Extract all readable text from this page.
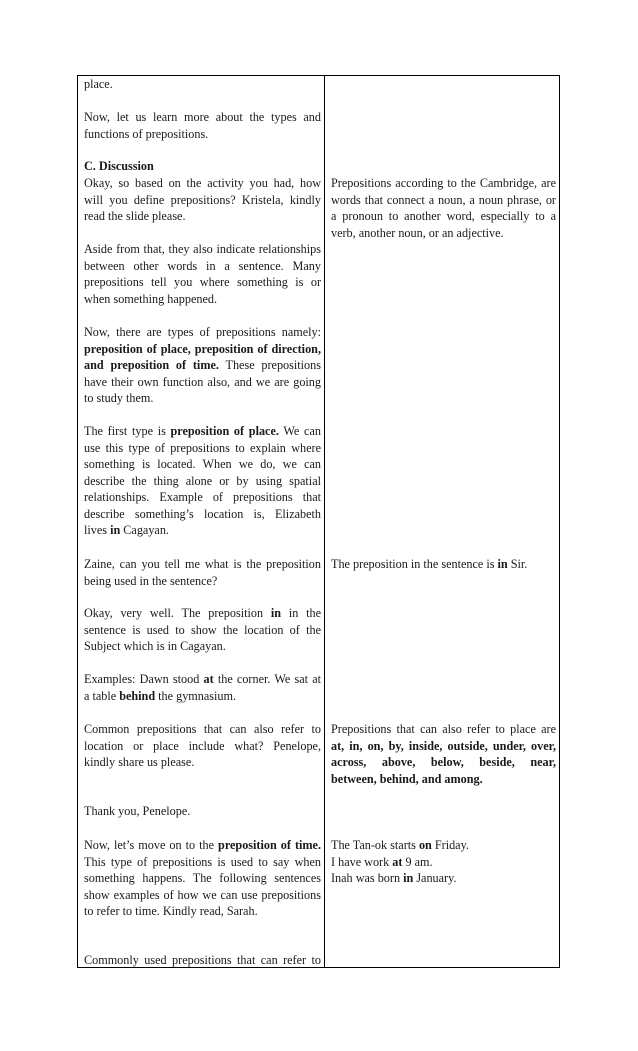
place.

Now, let us learn more about the types and
functions of prepositions.

C. Discussion

Okay, so based on the activity you had, how
will you define prepositions? Kristela, kindly
read the slide please.

Aside from that, they also indicate relationships
between other words in a sentence. Many
prepositions tell you where something is or
when something happened.

Now, there are types of prepositions namely:
preposition of place, preposition of direction,
and preposition of time. These prepositions
have their own function also, and we are going
to study them.

The first type is preposition of place. We can
use this type of prepositions to explain where
something is located. When we do, we can
describe the thing alone or by using spatial
relationships. Example of prepositions that
describe something’s location is, Elizabeth
lives in Cagayan.

Zaine, can you tell me what is the preposition
being used in the sentence?

Okay, very well. The preposition in in the
sentence is used to show the location of the
Subject which is in Cagayan.

Examples: Dawn stood at the corner. We sat at
a table behind the gymnasium.

Common prepositions that can also refer to
location or place include what? Penelope,
kindly share us please.

Thank you, Penelope.

Now, let’s move on to the preposition of time.
This type of prepositions is used to say when
something happens. The following sentences
show examples of how we can use prepositions
to refer to time. Kindly read, Sarah.

Commonly used prepositions that can refer to

Prepositions according to the Cambridge, are
words that connect a noun, a noun phrase, or
a pronoun to another word, especially to a
verb, another noun, or an adjective.

The preposition in the sentence is in Sir.

Prepositions that can also refer to place are
at, in, on, by, inside, outside, under, over,
across, above, below, beside, near,
between, behind, and among.

The Tan-ok starts on Friday.
I have work at 9 am.
Inah was born in January.
